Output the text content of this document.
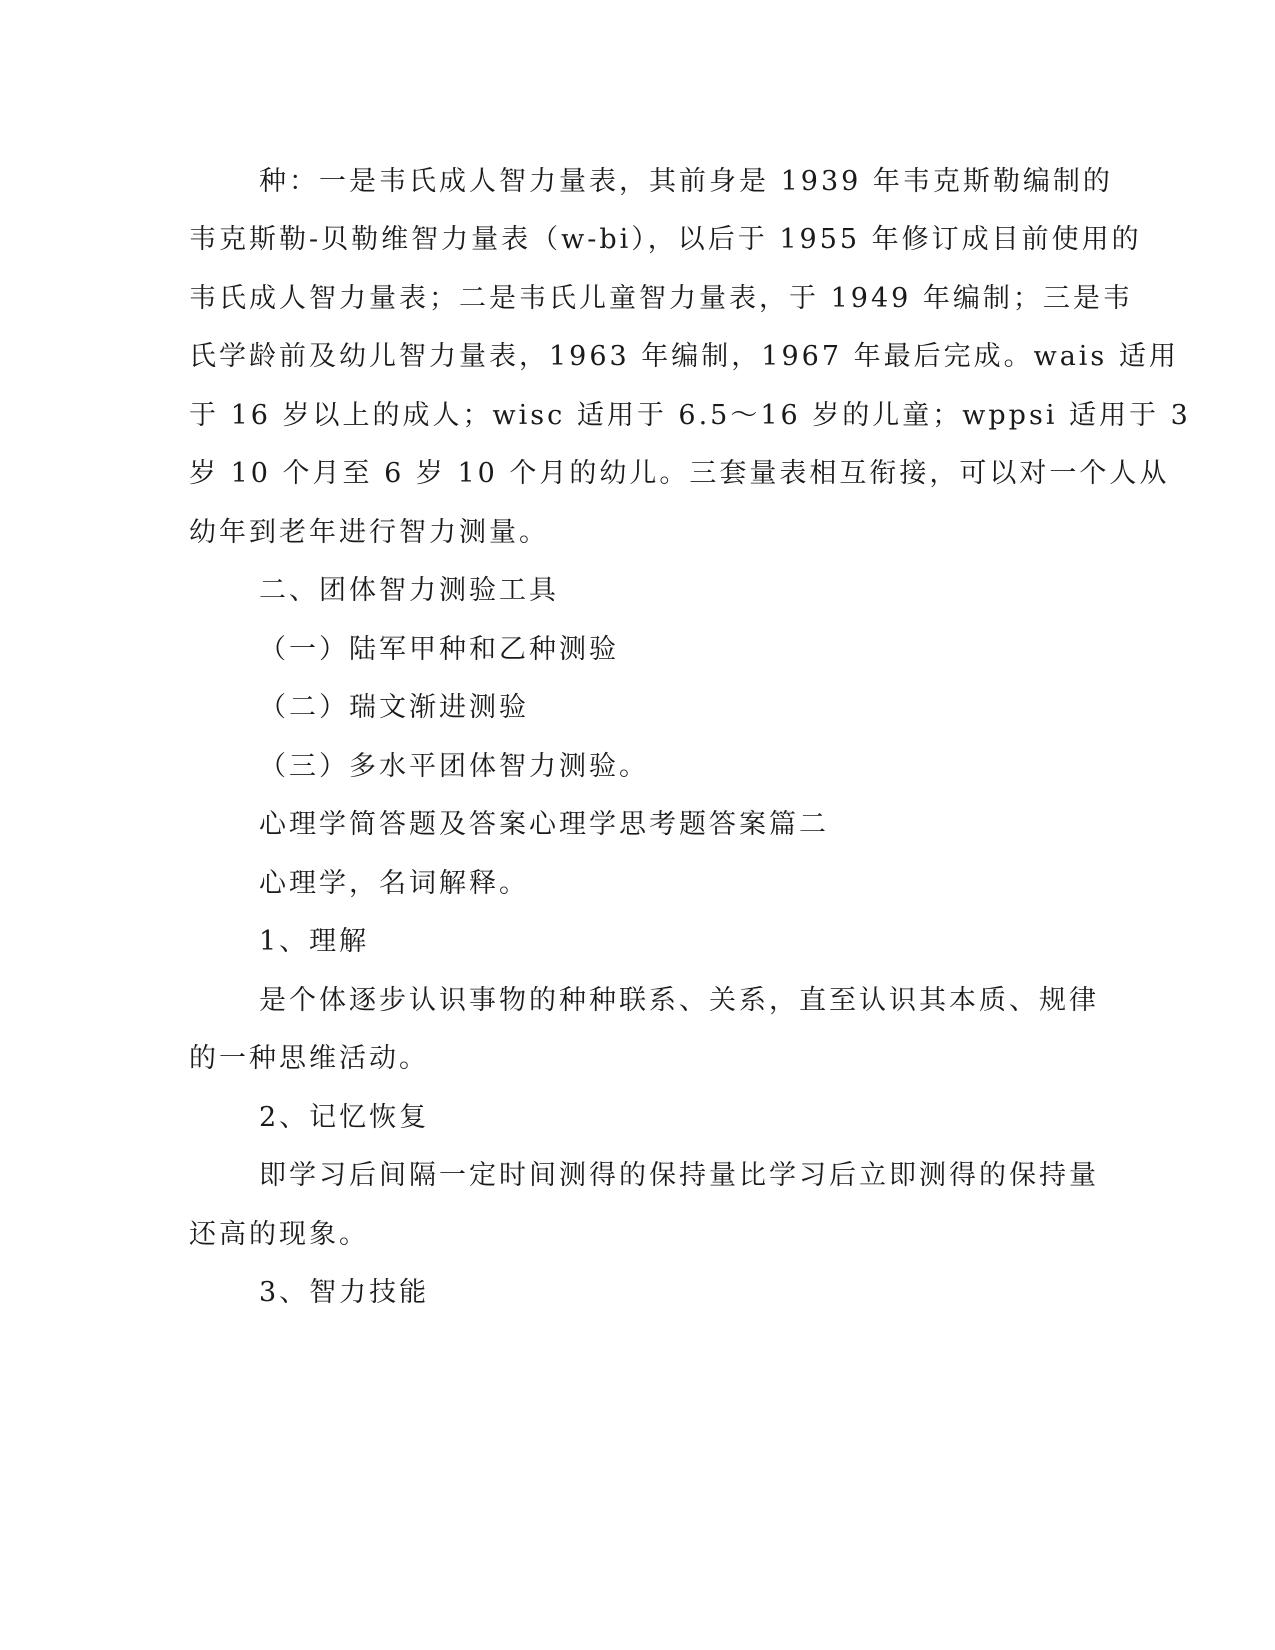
种：一是韦氏成人智力量表，其前身是 1939 年韦克斯勒编制的
韦克斯勒-贝勒维智力量表（w-bi），以后于 1955 年修订成目前使用的
韦氏成人智力量表；二是韦氏儿童智力量表，于 1949 年编制；三是韦
氏学龄前及幼儿智力量表，1963 年编制，1967 年最后完成。wais 适用
于 16 岁以上的成人；wisc 适用于 6.5～16 岁的儿童；wppsi 适用于 3
岁 10 个月至 6 岁 10 个月的幼儿。三套量表相互衔接，可以对一个人从
幼年到老年进行智力测量。
二、团体智力测验工具
（一）陆军甲种和乙种测验
（二）瑞文渐进测验
（三）多水平团体智力测验。
心理学简答题及答案心理学思考题答案篇二
心理学，名词解释。
1、理解
是个体逐步认识事物的种种联系、关系，直至认识其本质、规律
的一种思维活动。
2、记忆恢复
即学习后间隔一定时间测得的保持量比学习后立即测得的保持量
还高的现象。
3、智力技能
